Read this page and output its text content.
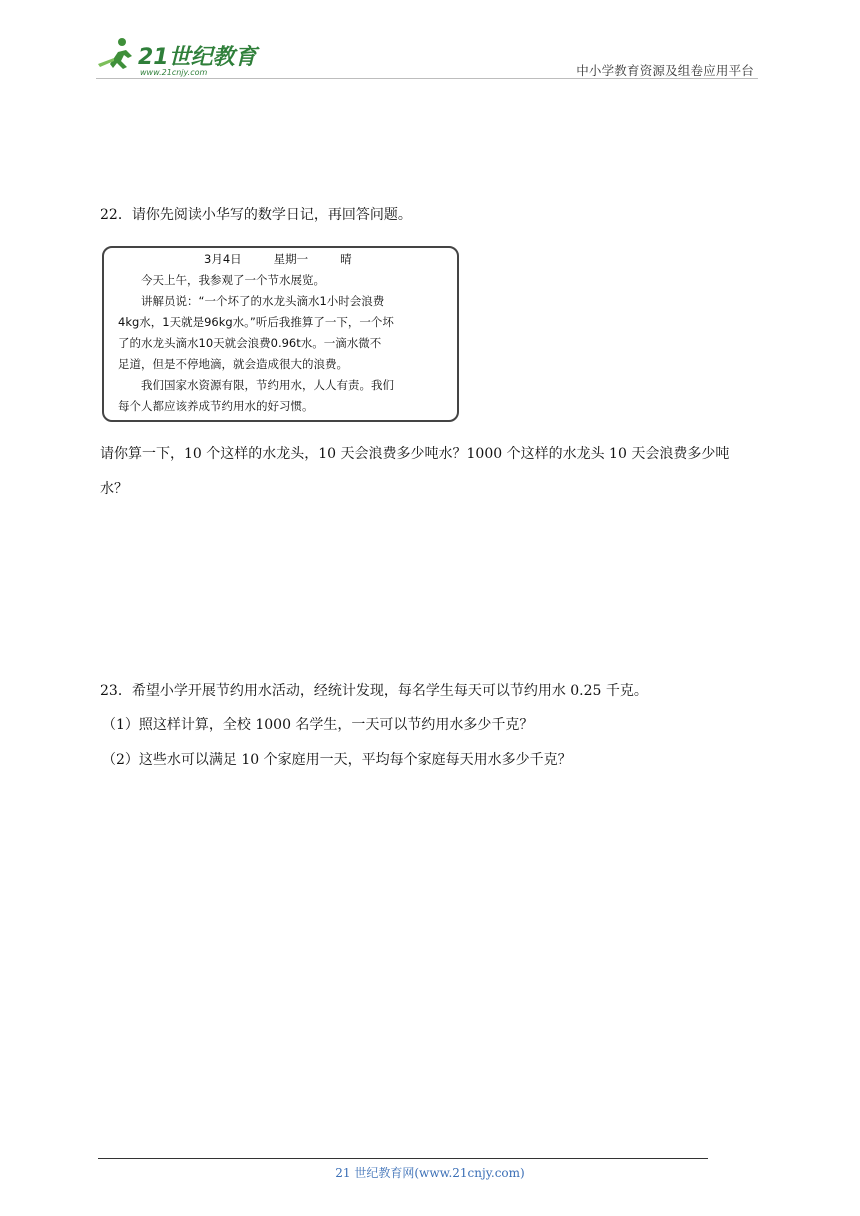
21世纪教育
www.21cnjy.com	中小学教育资源及组卷应用平台
22．请你先阅读小华写的数学日记，再回答问题。
3月4日	星期一	晴

今天上午，我参观了一个节水展览。

讲解员说：“一个坏了的水龙头滴水1小时会浪费

4kg水，1天就是96kg水。”听后我推算了一下，一个坏

了的水龙头滴水10天就会浪费0.96t水。一滴水微不

足道，但是不停地滴，就会造成很大的浪费。

我们国家水资源有限，节约用水，人人有责。我们

每个人都应该养成节约用水的好习惯。

请你算一下，10 个这样的水龙头，10 天会浪费多少吨水？1000 个这样的水龙头 10 天会浪费多少吨
水？
23．希望小学开展节约用水活动，经统计发现，每名学生每天可以节约用水 0.25 千克。
（1）照这样计算，全校 1000 名学生，一天可以节约用水多少千克？
（2）这些水可以满足 10 个家庭用一天，平均每个家庭每天用水多少千克？
21 世纪教育网(www.21cnjy.com)
